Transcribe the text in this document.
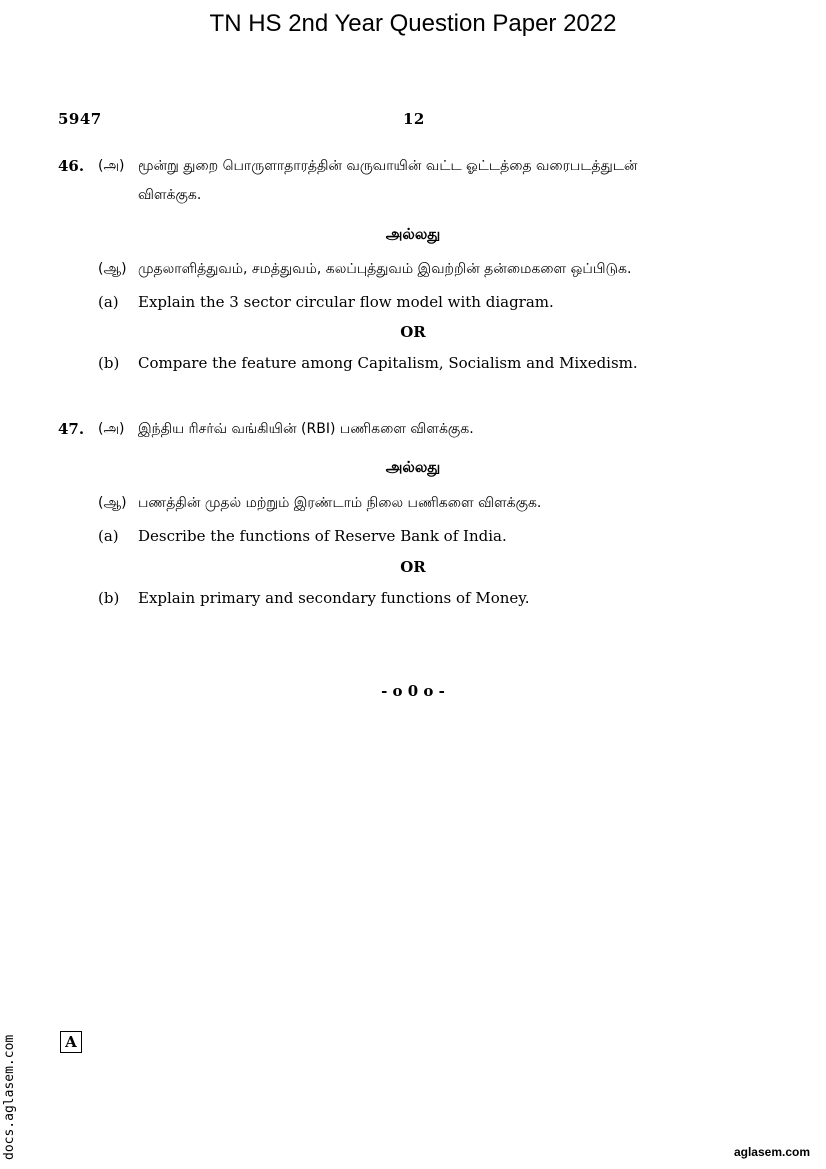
TN HS 2nd Year Question Paper 2022
5947	12
46. (அ) மூன்று துறை பொருளாதாரத்தின் வருவாயின் வட்ட ஓட்டத்தை வரைபடத்துடன்
விளக்குக.
அல்லது
(ஆ) முதலாளித்துவம், சமத்துவம், கலப்புத்துவம் இவற்றின் தன்மைகளை ஒப்பிடுக.
(a) Explain the 3 sector circular flow model with diagram.
OR
(b) Compare the feature among Capitalism, Socialism and Mixedism.
47. (அ) இந்திய ரிசர்வ் வங்கியின் (RBI) பணிகளை விளக்குக.
அல்லது
(ஆ) பணத்தின் முதல் மற்றும் இரண்டாம் நிலை பணிகளை விளக்குக.
(a) Describe the functions of Reserve Bank of India.
OR
(b) Explain primary and secondary functions of Money.
- o 0 o -
docs.aglasem.com	A
aglasem.com
